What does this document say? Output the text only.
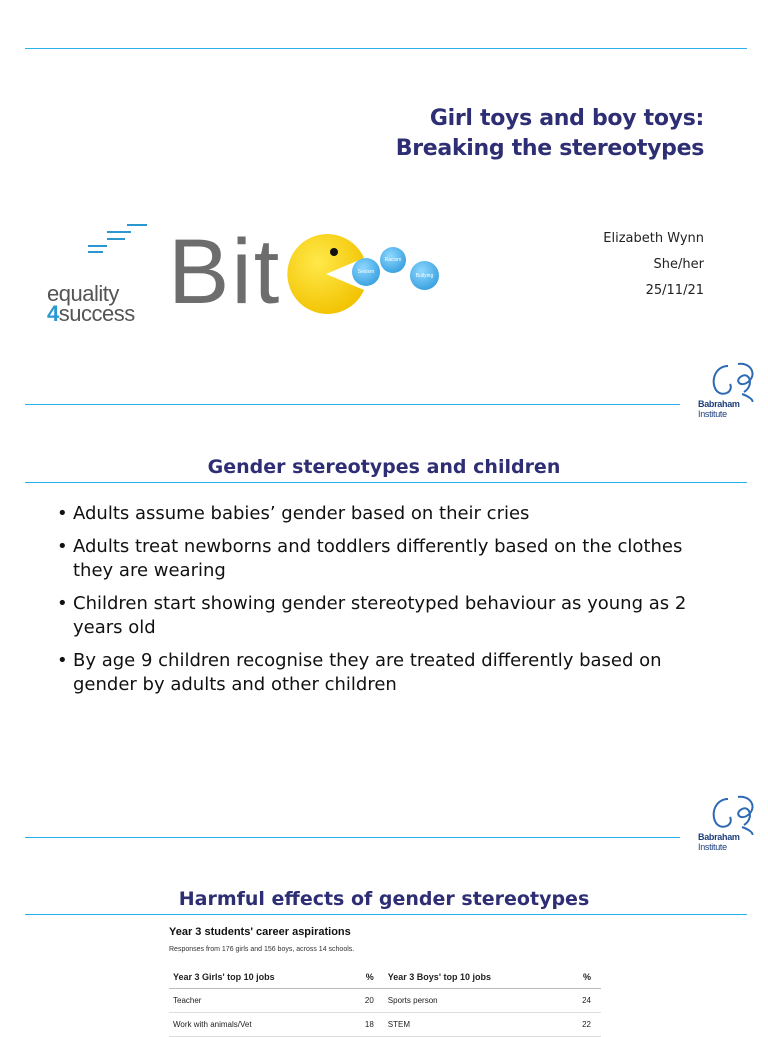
Girl toys and boy toys:
Breaking the stereotypes
Elizabeth Wynn
She/her
25/11/21
equality
4success Bit	Sexism
Racism
Bullying
Babraham
Institute
Gender stereotypes and children
• Adults assume babies’ gender based on their cries
• Adults treat newborns and toddlers differently based on the clothes they are wearing
• Children start showing gender stereotyped behaviour as young as 2 years old
• By age 9 children recognise they are treated differently based on gender by adults and other children
Babraham
Institute
Harmful effects of gender stereotypes
Year 3 students' career aspirations
Responses from 176 girls and 156 boys, across 14 schools.
Year 3 Girls' top 10 jobs	%	Year 3 Boys' top 10 jobs	%
Teacher	20	Sports person	24
Work with animals/Vet	18	STEM	22
